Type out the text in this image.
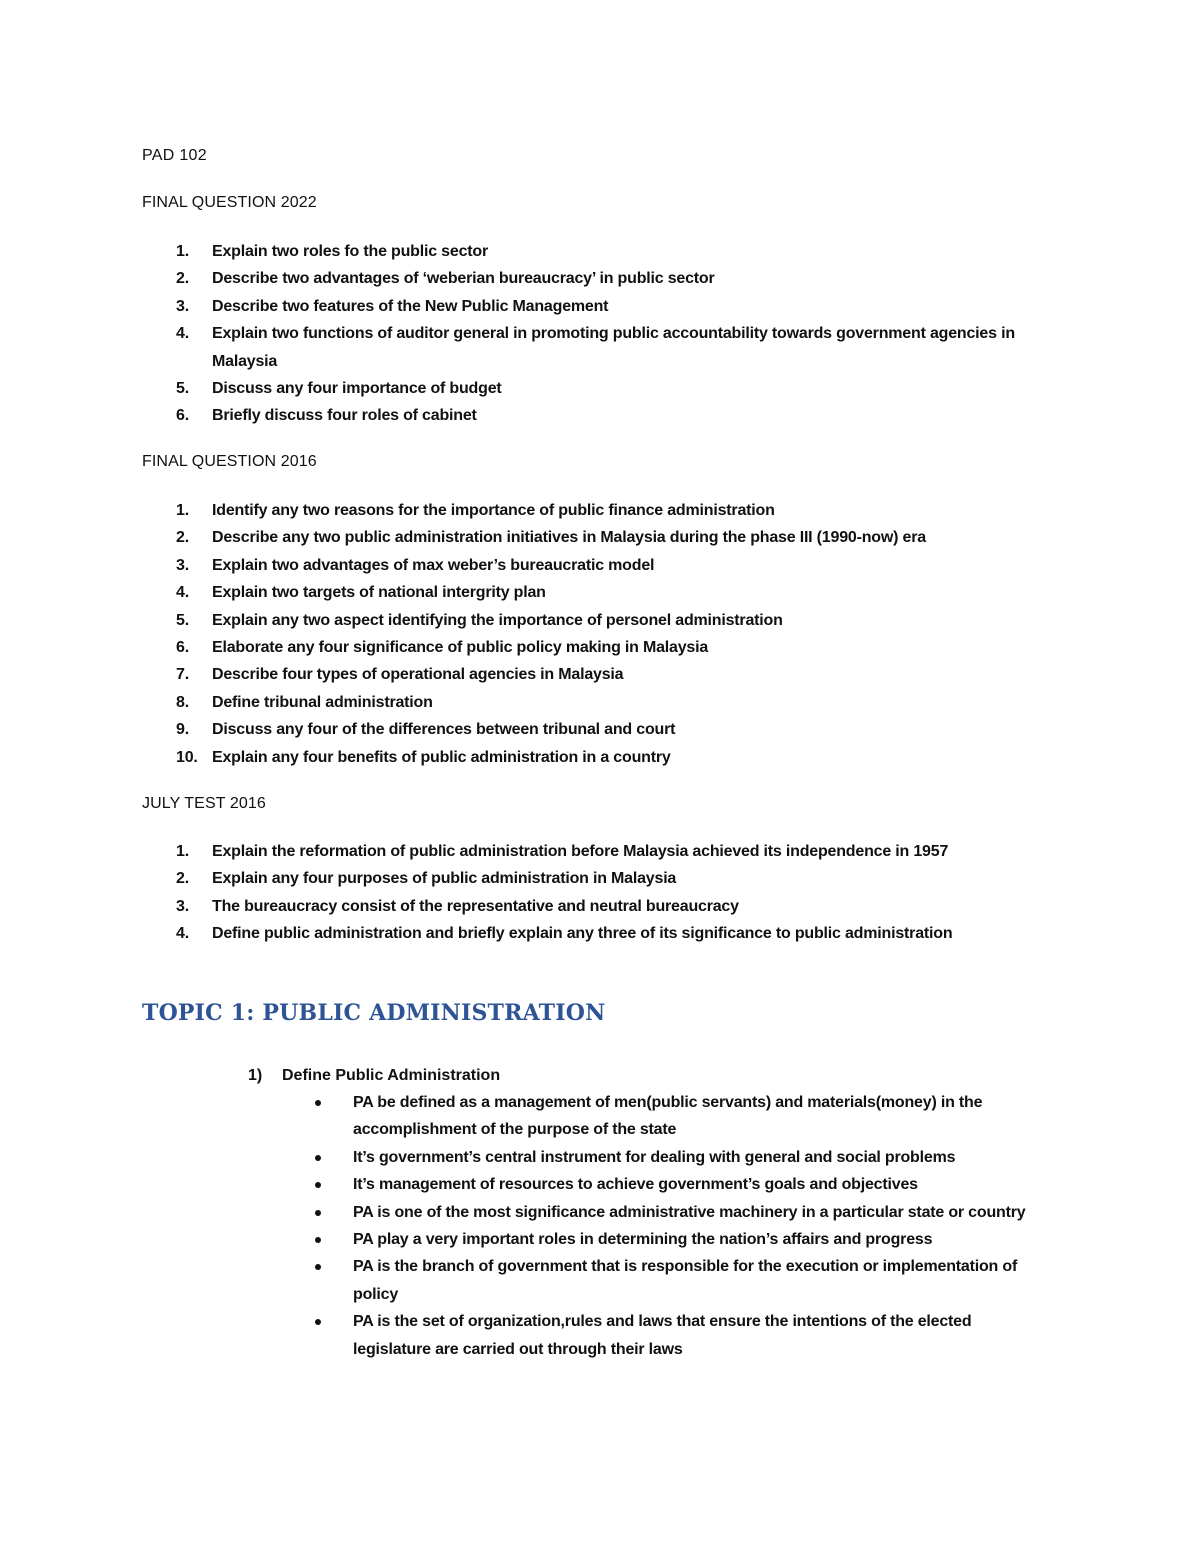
PAD 102
FINAL QUESTION 2022
1.	Explain two roles fo the public sector
2.	Describe two advantages of ‘weberian bureaucracy’ in public sector
3.	Describe two features of the New Public Management
4.	Explain two functions of auditor general in promoting public accountability towards government agencies in Malaysia
5.	Discuss any four importance of budget
6.	Briefly discuss four roles of cabinet
FINAL QUESTION 2016
1.	Identify any two reasons for the importance of public finance administration
2.	Describe any two public administration initiatives in Malaysia during the phase III (1990-now) era
3.	Explain two advantages of max weber’s bureaucratic model
4.	Explain two targets of national intergrity plan
5.	Explain any two aspect identifying the importance of personel administration
6.	Elaborate any four significance of public policy making in Malaysia
7.	Describe four types of operational agencies in Malaysia
8.	Define tribunal administration
9.	Discuss any four of the differences between tribunal and court
10. Explain any four benefits of public administration in a country
JULY TEST 2016
1.	Explain the reformation of public administration before Malaysia achieved its independence in 1957
2.	Explain any four purposes of public administration in Malaysia
3.	The bureaucracy consist of the representative and neutral bureaucracy
4.	Define public administration and briefly explain any three of its significance to public administration
TOPIC 1: PUBLIC ADMINISTRATION
1) Define Public Administration
PA be defined as a management of men(public servants) and materials(money) in the accomplishment of the purpose of the state
It’s government’s central instrument for dealing with general and social problems
It’s management of resources to achieve government’s goals and objectives
PA is one of the most significance administrative machinery in a particular state or country
PA play a very important roles in determining the nation’s affairs and progress
PA is the branch of government that is responsible for the execution or implementation of policy
PA is the set of organization,rules and laws that ensure the intentions of the elected legislature are carried out through their laws
